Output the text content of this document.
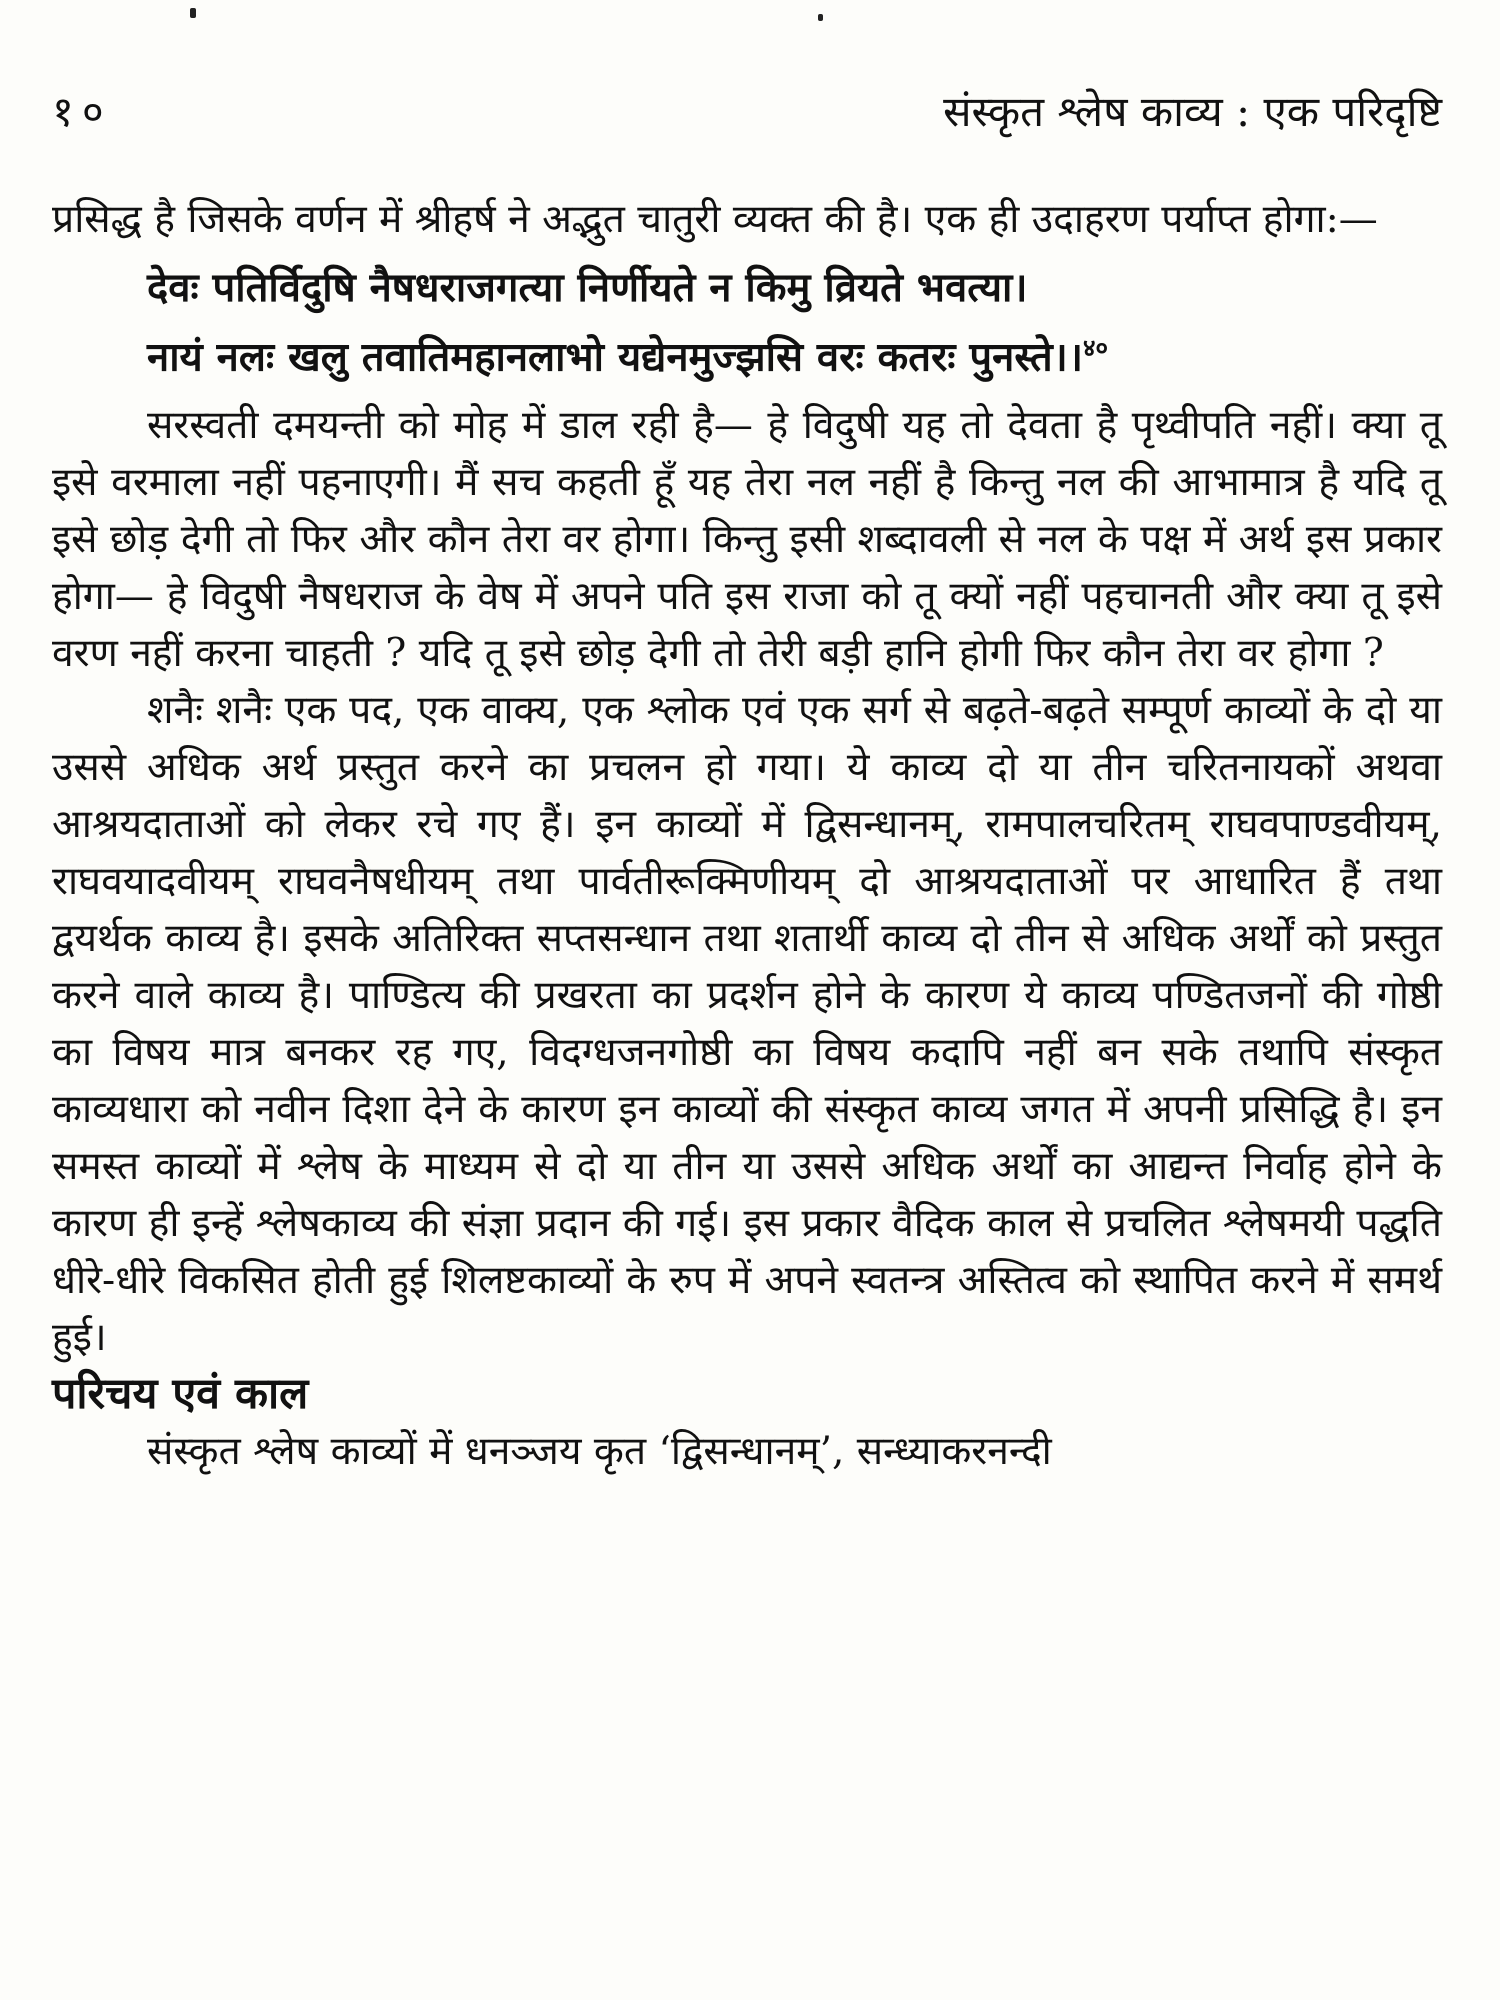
१०	संस्कृत श्लेष काव्य : एक परिदृष्टि

प्रसिद्ध है जिसके वर्णन में श्रीहर्ष ने अद्भुत चातुरी व्यक्त की है। एक ही उदाहरण पर्याप्त होगा:—

देवः पतिर्विदुषि नैषधराजगत्या निर्णीयते न किमु व्रियते भवत्या।
नायं नलः खलु तवातिमहानलाभो यद्येनमुज्झसि वरः कतरः पुनस्ते।।$^{४०}$

सरस्वती दमयन्ती को मोह में डाल रही है— हे विदुषी यह तो देवता है पृथ्वीपति नहीं। क्या तू इसे वरमाला नहीं पहनाएगी। मैं सच कहती हूँ यह तेरा नल नहीं है किन्तु नल की आभामात्र है यदि तू इसे छोड़ देगी तो फिर और कौन तेरा वर होगा। किन्तु इसी शब्दावली से नल के पक्ष में अर्थ इस प्रकार होगा— हे विदुषी नैषधराज के वेष में अपने पति इस राजा को तू क्यों नहीं पहचानती और क्या तू इसे वरण नहीं करना चाहती ? यदि तू इसे छोड़ देगी तो तेरी बड़ी हानि होगी फिर कौन तेरा वर होगा ?

शनैः शनैः एक पद, एक वाक्य, एक श्लोक एवं एक सर्ग से बढ़ते-बढ़ते सम्पूर्ण काव्यों के दो या उससे अधिक अर्थ प्रस्तुत करने का प्रचलन हो गया। ये काव्य दो या तीन चरितनायकों अथवा आश्रयदाताओं को लेकर रचे गए हैं। इन काव्यों में द्विसन्धानम्, रामपालचरितम् राघवपाण्डवीयम्, राघवयादवीयम् राघवनैषधीयम् तथा पार्वतीरूक्मिणीयम् दो आश्रयदाताओं पर आधारित हैं तथा द्वयर्थक काव्य है। इसके अतिरिक्त सप्तसन्धान तथा शतार्थी काव्य दो तीन से अधिक अर्थों को प्रस्तुत करने वाले काव्य है। पाण्डित्य की प्रखरता का प्रदर्शन होने के कारण ये काव्य पण्डितजनों की गोष्ठी का विषय मात्र बनकर रह गए, विदग्धजनगोष्ठी का विषय कदापि नहीं बन सके तथापि संस्कृत काव्यधारा को नवीन दिशा देने के कारण इन काव्यों की संस्कृत काव्य जगत में अपनी प्रसिद्धि है। इन समस्त काव्यों में श्लेष के माध्यम से दो या तीन या उससे अधिक अर्थों का आद्यन्त निर्वाह होने के कारण ही इन्हें श्लेषकाव्य की संज्ञा प्रदान की गई। इस प्रकार वैदिक काल से प्रचलित श्लेषमयी पद्धति धीरे-धीरे विकसित होती हुई शिलष्टकाव्यों के रुप में अपने स्वतन्त्र अस्तित्व को स्थापित करने में समर्थ हुई।

परिचय एवं काल

संस्कृत श्लेष काव्यों में धनञ्जय कृत ‘द्विसन्धानम्’, सन्ध्याकरनन्दी
